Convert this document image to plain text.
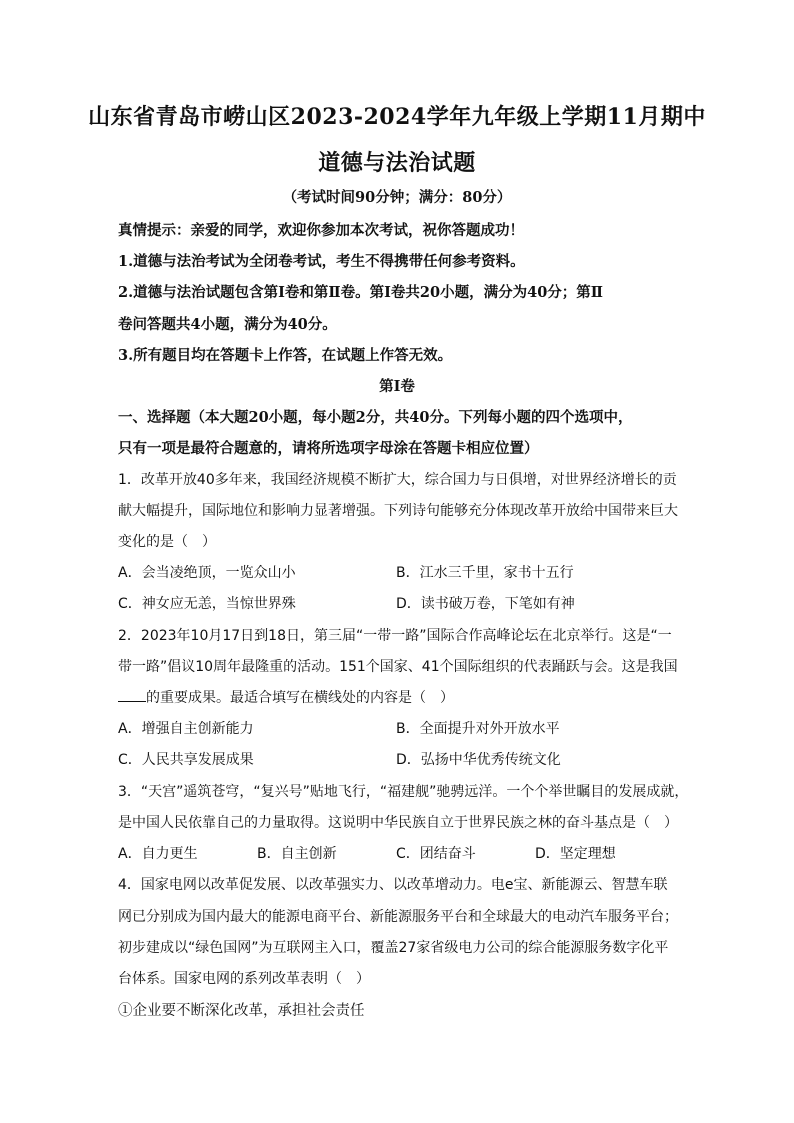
山东省青岛市崂山区2023-2024学年九年级上学期11月期中
道德与法治试题
（考试时间90分钟；满分：80分）
真情提示：亲爱的同学，欢迎你参加本次考试，祝你答题成功！
1.道德与法治考试为全闭卷考试，考生不得携带任何参考资料。
2.道德与法治试题包含第Ⅰ卷和第Ⅱ卷。第Ⅰ卷共20小题，满分为40分；第Ⅱ
卷问答题共4小题，满分为40分。
3.所有题目均在答题卡上作答，在试题上作答无效。
第Ⅰ卷
一、选择题（本大题20小题，每小题2分，共40分。下列每小题的四个选项中，
只有一项是最符合题意的，请将所选项字母涂在答题卡相应位置）
1．改革开放40多年来，我国经济规模不断扩大，综合国力与日俱增，对世界经济增长的贡
献大幅提升，国际地位和影响力显著增强。下列诗句能够充分体现改革开放给中国带来巨大
变化的是（　）
A．会当凌绝顶，一览众山小	B．江水三千里，家书十五行
C．神女应无恙，当惊世界殊	D．读书破万卷，下笔如有神
2．2023年10月17日到18日，第三届“一带一路”国际合作高峰论坛在北京举行。这是“一
带一路”倡议10周年最隆重的活动。151个国家、41个国际组织的代表踊跃与会。这是我国
的重要成果。最适合填写在横线处的内容是（　）
A．增强自主创新能力	B．全面提升对外开放水平
C．人民共享发展成果	D．弘扬中华优秀传统文化
3．“天宫”遥筑苍穹，“复兴号”贴地飞行，“福建舰”驰骋远洋。一个个举世瞩目的发展成就，
是中国人民依靠自己的力量取得。这说明中华民族自立于世界民族之林的奋斗基点是（　）
A．自力更生	B．自主创新	C．团结奋斗	D．坚定理想
4．国家电网以改革促发展、以改革强实力、以改革增动力。电e宝、新能源云、智慧车联
网已分别成为国内最大的能源电商平台、新能源服务平台和全球最大的电动汽车服务平台；
初步建成以“绿色国网”为互联网主入口，覆盖27家省级电力公司的综合能源服务数字化平
台体系。国家电网的系列改革表明（　）
①企业要不断深化改革，承担社会责任
